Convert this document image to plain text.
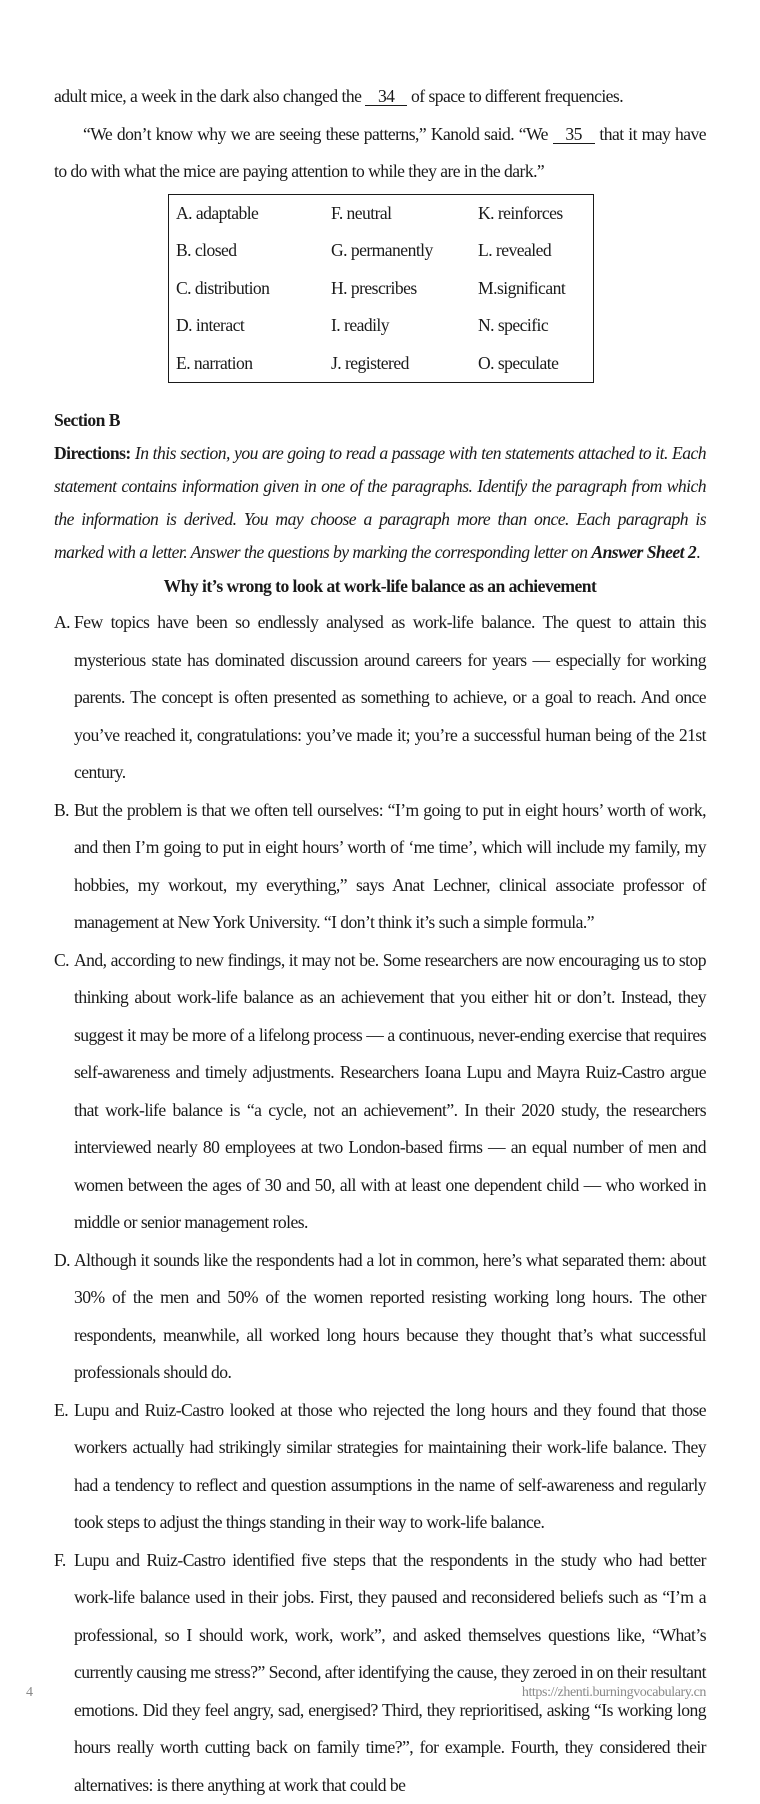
adult mice, a week in the dark also changed the 34 of space to different frequencies.

“We don’t know why we are seeing these patterns,” Kanold said. “We 35 that it may have to do with what the mice are paying attention to while they are in the dark.”

A. adaptable	F. neutral	K. reinforces
B. closed	G. permanently	L. revealed
C. distribution	H. prescribes	M.significant
D. interact	I. readily	N. specific
E. narration	J. registered	O. speculate

Section B

Directions: In this section, you are going to read a passage with ten statements attached to it. Each statement contains information given in one of the paragraphs. Identify the paragraph from which the information is derived. You may choose a paragraph more than once. Each paragraph is marked with a letter. Answer the questions by marking the corresponding letter on Answer Sheet 2.

Why it’s wrong to look at work-life balance as an achievement

A. Few topics have been so endlessly analysed as work-life balance. The quest to attain this mysterious state has dominated discussion around careers for years — especially for working parents. The concept is often presented as something to achieve, or a goal to reach. And once you’ve reached it, congratulations: you’ve made it; you’re a successful human being of the 21st century.
B. But the problem is that we often tell ourselves: “I’m going to put in eight hours’ worth of work, and then I’m going to put in eight hours’ worth of ‘me time’, which will include my family, my hobbies, my workout, my everything,” says Anat Lechner, clinical associate professor of management at New York University. “I don’t think it’s such a simple formula.”
C. And, according to new findings, it may not be. Some researchers are now encouraging us to stop thinking about work-life balance as an achievement that you either hit or don’t. Instead, they suggest it may be more of a lifelong process — a continuous, never-ending exercise that requires self-awareness and timely adjustments. Researchers Ioana Lupu and Mayra Ruiz-Castro argue that work-life balance is “a cycle, not an achievement”. In their 2020 study, the researchers interviewed nearly 80 employees at two London-based firms — an equal number of men and women between the ages of 30 and 50, all with at least one dependent child — who worked in middle or senior management roles.
D. Although it sounds like the respondents had a lot in common, here’s what separated them: about 30% of the men and 50% of the women reported resisting working long hours. The other respondents, meanwhile, all worked long hours because they thought that’s what successful professionals should do.
E. Lupu and Ruiz-Castro looked at those who rejected the long hours and they found that those workers actually had strikingly similar strategies for maintaining their work-life balance. They had a tendency to reflect and question assumptions in the name of self-awareness and regularly took steps to adjust the things standing in their way to work-life balance.
F. Lupu and Ruiz-Castro identified five steps that the respondents in the study who had better work-life balance used in their jobs. First, they paused and reconsidered beliefs such as “I’m a professional, so I should work, work, work”, and asked themselves questions like, “What’s currently causing me stress?” Second, after identifying the cause, they zeroed in on their resultant emotions. Did they feel angry, sad, energised? Third, they reprioritised, asking “Is working long hours really worth cutting back on family time?”, for example. Fourth, they considered their alternatives: is there anything at work that could be
4	https://zhenti.burningvocabulary.cn
